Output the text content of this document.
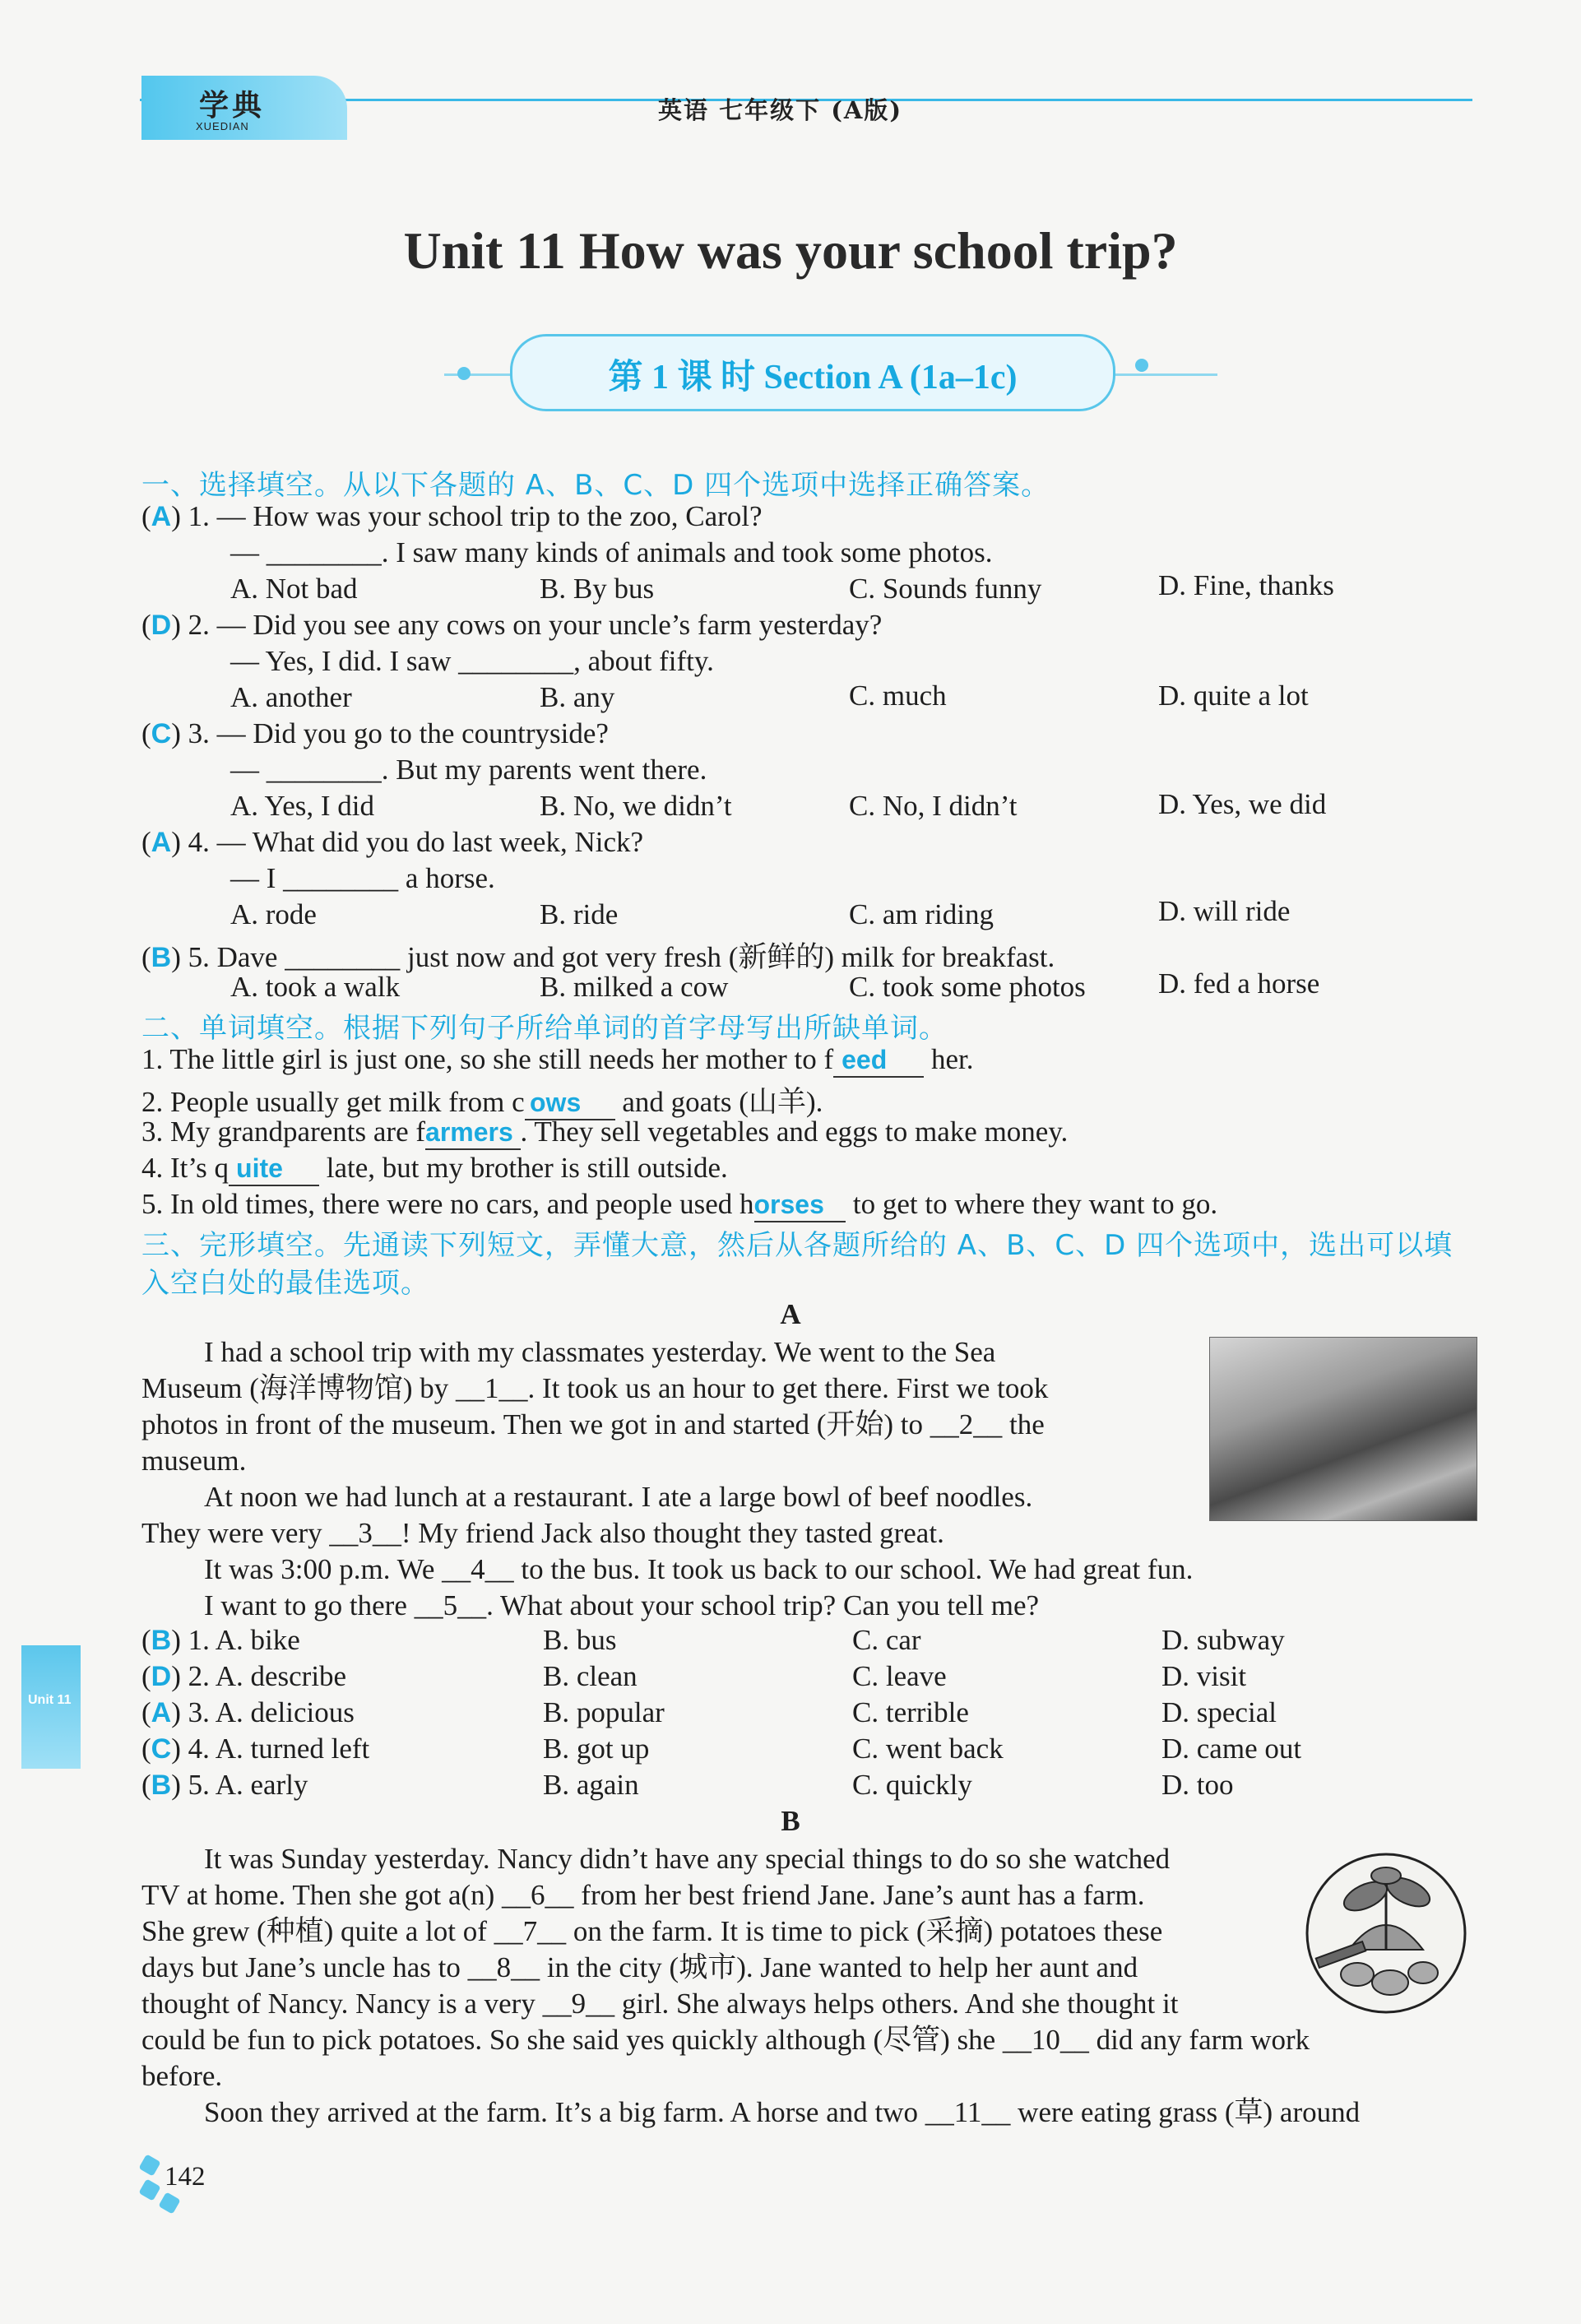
学典
XUEDIAN
英语 七年级下 (A版)
Unit 11 How was your school trip?
第 1 课 时 Section A (1a–1c)
一、选择填空。从以下各题的 A、B、C、D 四个选项中选择正确答案。
(A) 1. — How was your school trip to the zoo, Carol?
— ________. I saw many kinds of animals and took some photos.
A. Not bad	B. By bus	C. Sounds funny	D. Fine, thanks
(D) 2. — Did you see any cows on your uncle’s farm yesterday?
— Yes, I did. I saw ________, about fifty.
A. another	B. any	C. much	D. quite a lot
(C) 3. — Did you go to the countryside?
— ________. But my parents went there.
A. Yes, I did	B. No, we didn’t	C. No, I didn’t	D. Yes, we did
(A) 4. — What did you do last week, Nick?
— I ________ a horse.
A. rode	B. ride	C. am riding	D. will ride
(B) 5. Dave ________ just now and got very fresh (新鲜的) milk for breakfast.
A. took a walk	B. milked a cow	C. took some photos	D. fed a horse
二、单词填空。根据下列句子所给单词的首字母写出所缺单词。
1. The little girl is just one, so she still needs her mother to f eed     her.
2. People usually get milk from c ows     and goats (山羊).
3. My grandparents are farmers . They sell vegetables and eggs to make money.
4. It’s q uite     late, but my brother is still outside.
5. In old times, there were no cars, and people used horses    to get to where they want to go.
三、完形填空。先通读下列短文，弄懂大意，然后从各题所给的 A、B、C、D 四个选项中，选出可以填
入空白处的最佳选项。
A
I had a school trip with my classmates yesterday. We went to the Sea
Museum (海洋博物馆) by __1__. It took us an hour to get there. First we took
photos in front of the museum. Then we got in and started (开始) to __2__ the
museum.
At noon we had lunch at a restaurant. I ate a large bowl of beef noodles.
They were very __3__! My friend Jack also thought they tasted great.
It was 3:00 p.m. We __4__ to the bus. It took us back to our school. We had great fun.
I want to go there __5__. What about your school trip? Can you tell me?
(B) 1. A. bike	B. bus	C. car	D. subway
(D) 2. A. describe	B. clean	C. leave	D. visit
(A) 3. A. delicious	B. popular	C. terrible	D. special
(C) 4. A. turned left	B. got up	C. went back	D. came out
(B) 5. A. early	B. again	C. quickly	D. too
B
It was Sunday yesterday. Nancy didn’t have any special things to do so she watched
TV at home. Then she got a(n) __6__ from her best friend Jane. Jane’s aunt has a farm.
She grew (种植) quite a lot of __7__ on the farm. It is time to pick (采摘) potatoes these
days but Jane’s uncle has to __8__ in the city (城市). Jane wanted to help her aunt and
thought of Nancy. Nancy is a very __9__ girl. She always helps others. And she thought it
could be fun to pick potatoes. So she said yes quickly although (尽管) she __10__ did any farm work
before.
Soon they arrived at the farm. It’s a big farm. A horse and two __11__ were eating grass (草) around
Unit 11
142
